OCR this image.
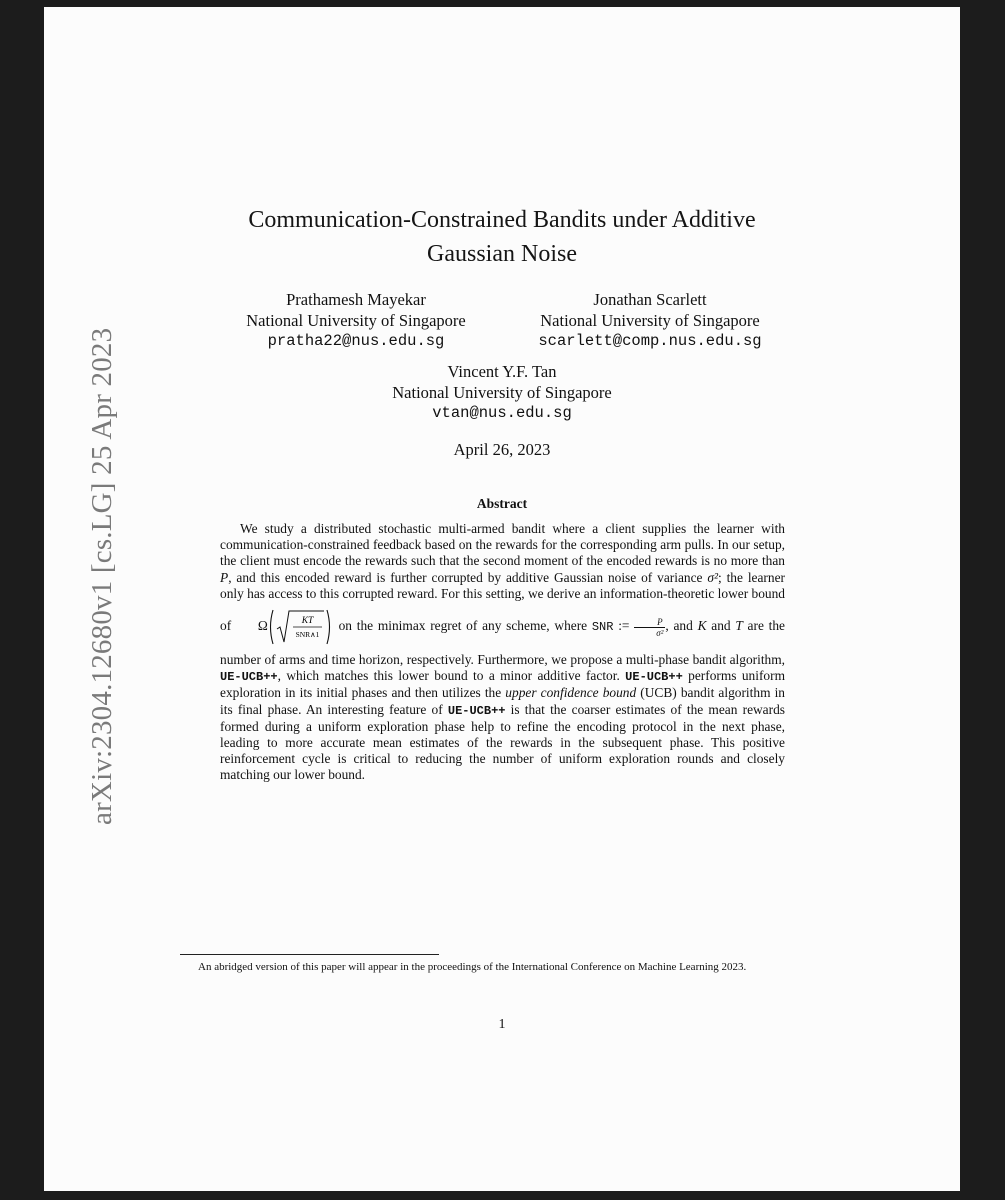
arXiv:2304.12680v1 [cs.LG] 25 Apr 2023
Communication-Constrained Bandits under Additive
Gaussian Noise
Prathamesh Mayekar
National University of Singapore
pratha22@nus.edu.sg
Jonathan Scarlett
National University of Singapore
scarlett@comp.nus.edu.sg
Vincent Y.F. Tan
National University of Singapore
vtan@nus.edu.sg
April 26, 2023
Abstract

We study a distributed stochastic multi-armed bandit where a client supplies the learner with communication-constrained feedback based on the rewards for the corresponding arm pulls. In our setup, the client must encode the rewards such that the second moment of the encoded rewards is no more than P, and this encoded reward is further corrupted by additive Gaussian noise of variance σ²; the learner only has access to this corrupted reward. For this setting, we derive an information-theoretic lower bound of Ω	KT
SNR∧1
on the minimax regret of any scheme, where SNR := $\frac{P}{\text{σ²}}$ , and K and T are the number of arms and time horizon, respectively. Furthermore, we propose a multi-phase bandit algorithm, UE-UCB++, which matches this lower bound to a minor additive factor. UE-UCB++ performs uniform exploration in its initial phases and then utilizes the upper confidence bound (UCB) bandit algorithm in its final phase. An interesting feature of UE-UCB++ is that the coarser estimates of the mean rewards formed during a uniform exploration phase help to refine the encoding protocol in the next phase, leading to more accurate mean estimates of the rewards in the subsequent phase. This positive reinforcement cycle is critical to reducing the number of uniform exploration rounds and closely matching our lower bound.

An abridged version of this paper will appear in the proceedings of the International Conference on Machine Learning 2023.
1
